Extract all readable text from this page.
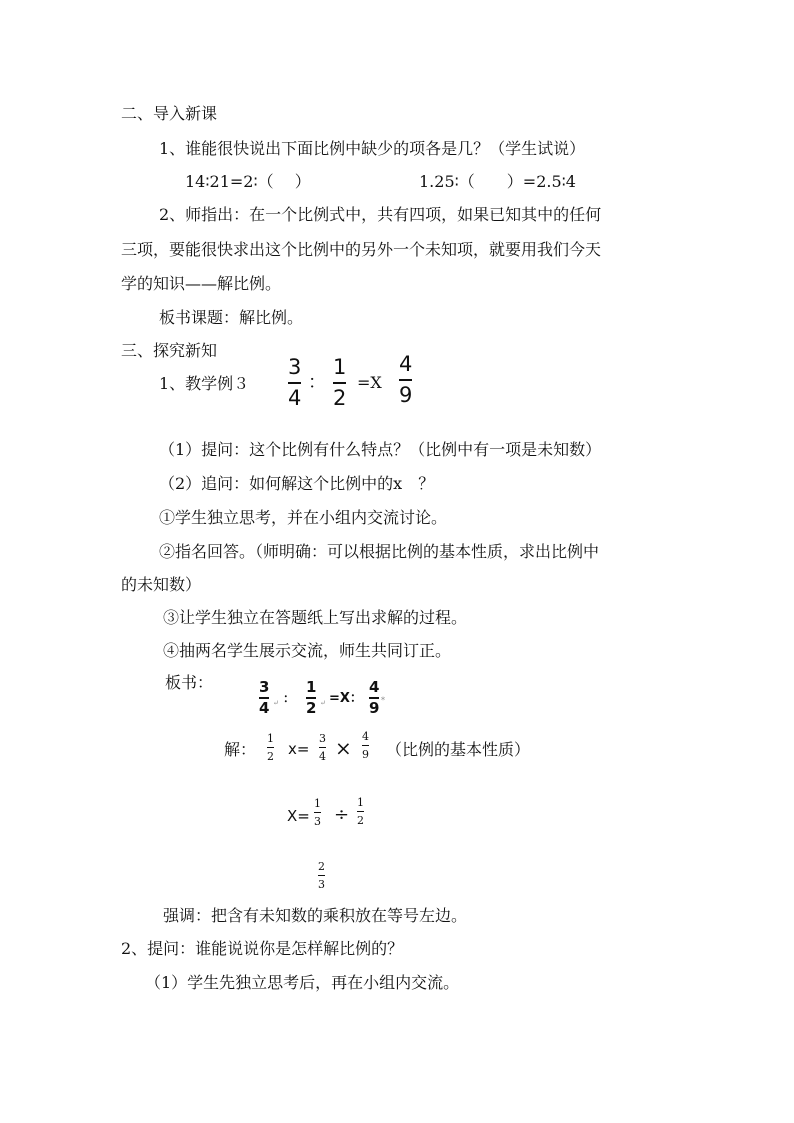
二、导入新课
1、谁能很快说出下面比例中缺少的项各是几？（学生试说）
14∶21=2∶（　 ）	1.25∶（　　）=2.5∶4
2、师指出：在一个比例式中，共有四项，如果已知其中的任何
三项，要能很快求出这个比例中的另外一个未知项，就要用我们今天
学的知识——解比例。
板书课题：解比例。
三、探究新知
1、教学例３
3
4
：
1
2
=X
4
9
（1）提问：这个比例有什么特点？（比例中有一项是未知数）
（2）追问：如何解这个比例中的x　？
①学生独立思考，并在小组内交流讨论。
②指名回答。（师明确：可以根据比例的基本性质，求出比例中
的未知数）
③让学生独立在答题纸上写出求解的过程。
④抽两名学生展示交流，师生共同订正。
板书：	3
4 ↵ ：
1
2 ↵ =X：
4
9 *
解：
1
2 x=
3
4 × 4
9 （比例的基本性质）
X=
1
3 ÷
1
2
2
3
强调：把含有未知数的乘积放在等号左边。
2、提问：谁能说说你是怎样解比例的？
（1）学生先独立思考后，再在小组内交流。
